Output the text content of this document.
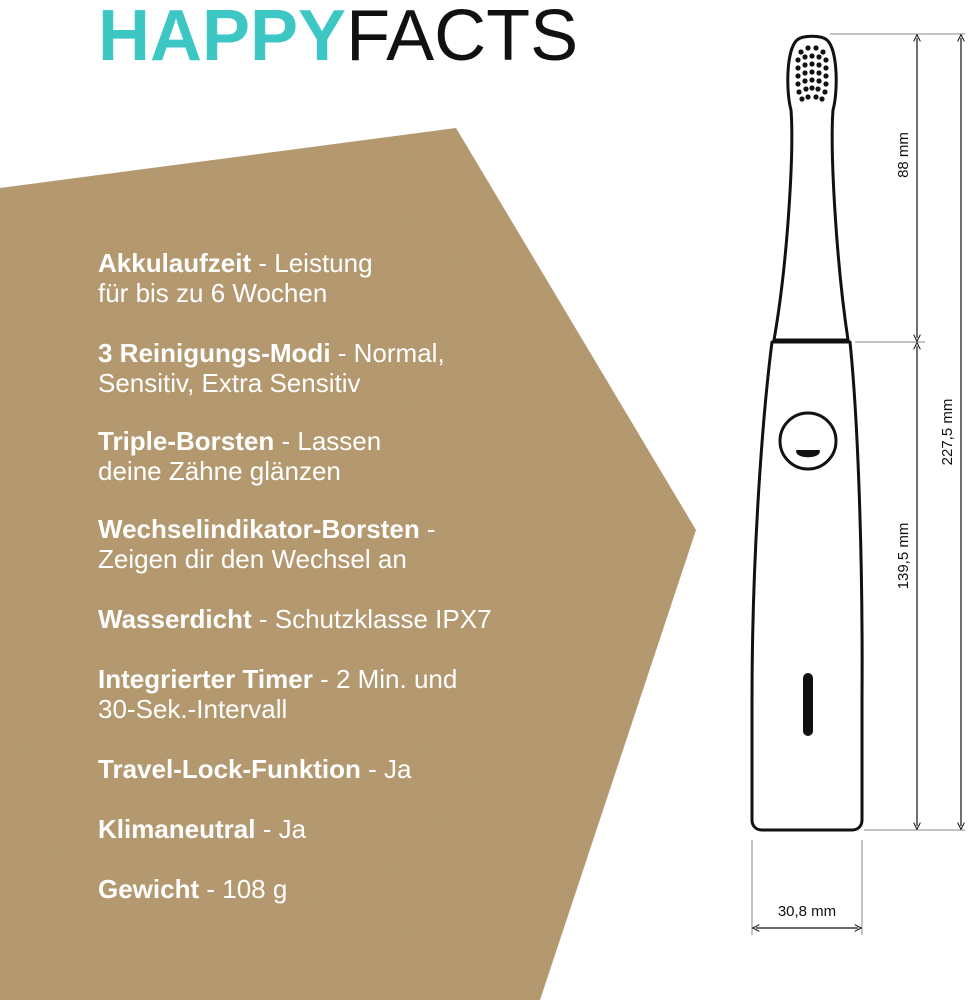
HAPPYFACTS
Akkulaufzeit - Leistung
für bis zu 6 Wochen
3 Reinigungs-Modi - Normal,
Sensitiv, Extra Sensitiv
Triple-Borsten - Lassen
deine Zähne glänzen
Wechselindikator-Borsten -
Zeigen dir den Wechsel an
Wasserdicht - Schutzklasse IPX7
Integrierter Timer - 2 Min. und
30-Sek.-Intervall
Travel-Lock-Funktion - Ja
Klimaneutral - Ja
Gewicht - 108 g
88 mm
139,5 mm
227,5 mm
30,8 mm
